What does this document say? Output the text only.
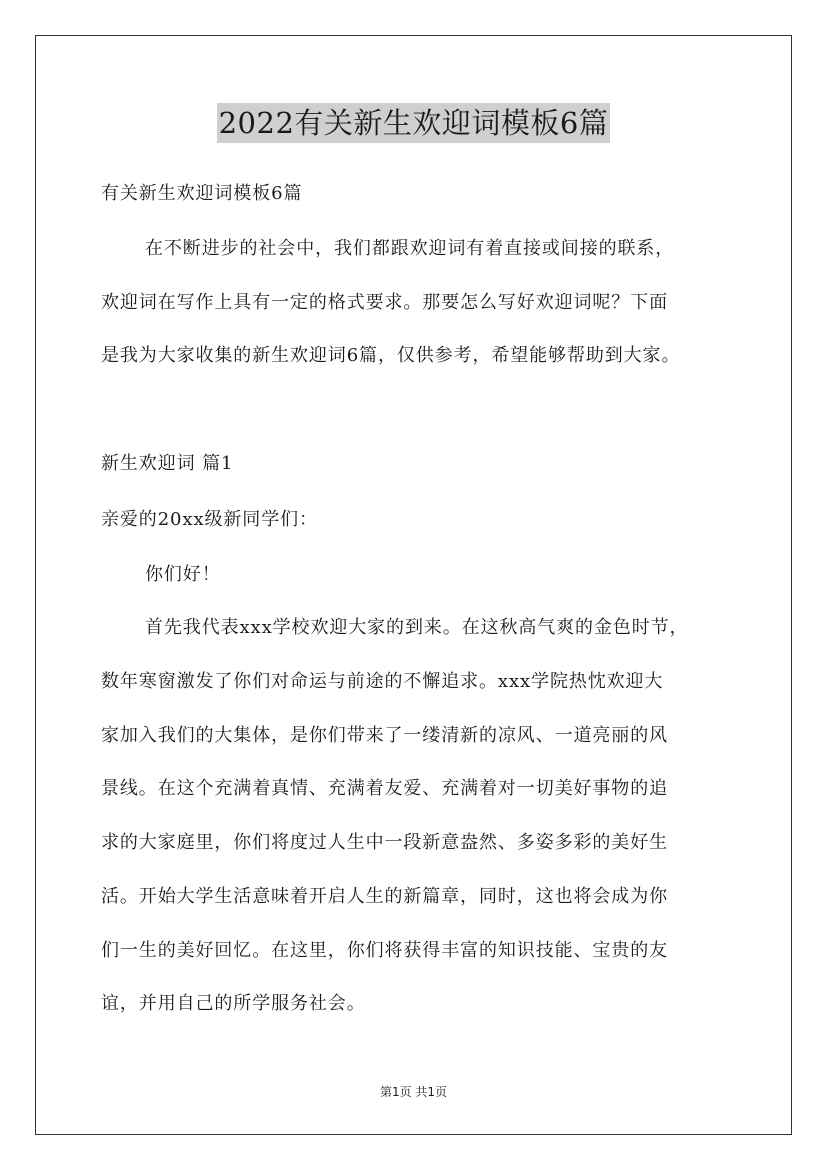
2022有关新生欢迎词模板6篇
有关新生欢迎词模板6篇
在不断进步的社会中，我们都跟欢迎词有着直接或间接的联系，
欢迎词在写作上具有一定的格式要求。那要怎么写好欢迎词呢？下面
是我为大家收集的新生欢迎词6篇，仅供参考，希望能够帮助到大家。
新生欢迎词 篇1
亲爱的20xx级新同学们：
你们好！
首先我代表xxx学校欢迎大家的到来。在这秋高气爽的金色时节，
数年寒窗激发了你们对命运与前途的不懈追求。xxx学院热忱欢迎大
家加入我们的大集体，是你们带来了一缕清新的凉风、一道亮丽的风
景线。在这个充满着真情、充满着友爱、充满着对一切美好事物的追
求的大家庭里，你们将度过人生中一段新意盎然、多姿多彩的美好生
活。开始大学生活意味着开启人生的新篇章，同时，这也将会成为你
们一生的美好回忆。在这里，你们将获得丰富的知识技能、宝贵的友
谊，并用自己的所学服务社会。
第1页 共1页
